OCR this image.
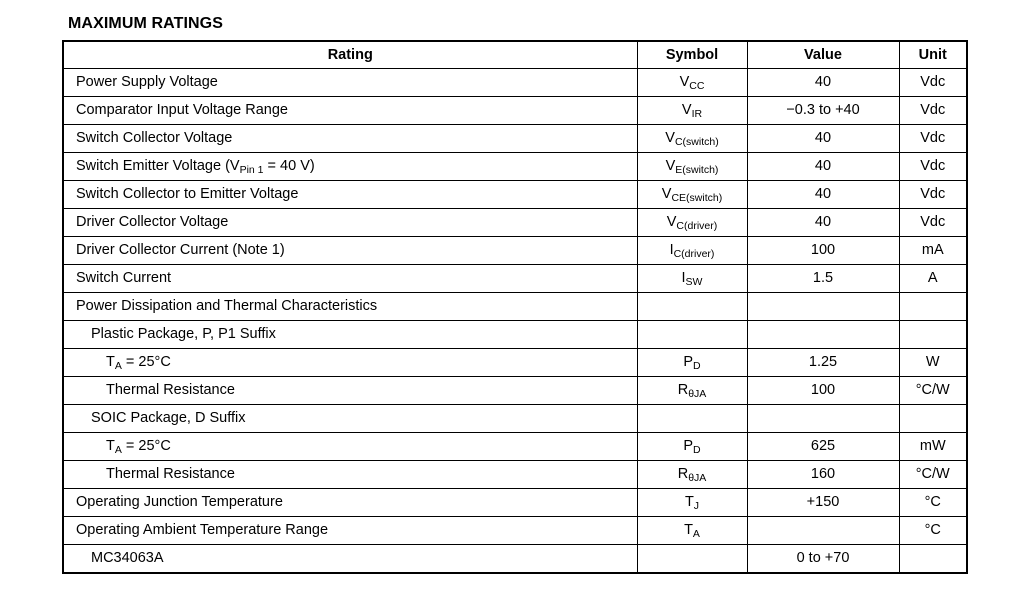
MAXIMUM RATINGS
Rating	Symbol	Value	Unit
Power Supply Voltage	$V_{CC}$	40	Vdc
Comparator Input Voltage Range	$V_{IR}$	−0.3 to +40	Vdc
Switch Collector Voltage	$V_{C(switch)}$	40	Vdc
Switch Emitter Voltage ($V_{Pin 1} = 40$ V)	$V_{E(switch)}$	40	Vdc
Switch Collector to Emitter Voltage	$V_{CE(switch)}$	40	Vdc
Driver Collector Voltage	$V_{C(driver)}$	40	Vdc
Driver Collector Current (Note 1)	$I_{C(driver)}$	100	mA
Switch Current	$I_{SW}$	1.5	A
Power Dissipation and Thermal Characteristics			
Plastic Package, P, P1 Suffix			
$T_A = 25^\circ C$	$P_D$	1.25	W
Thermal Resistance	$R_{\theta JA}$	100	°C/W
SOIC Package, D Suffix			
$T_A = 25^\circ C$	$P_D$	625	mW
Thermal Resistance	$R_{\theta JA}$	160	°C/W
Operating Junction Temperature	$T_J$	+150	°C
Operating Ambient Temperature Range	$T_A$		°C
MC34063A		0 to +70	
